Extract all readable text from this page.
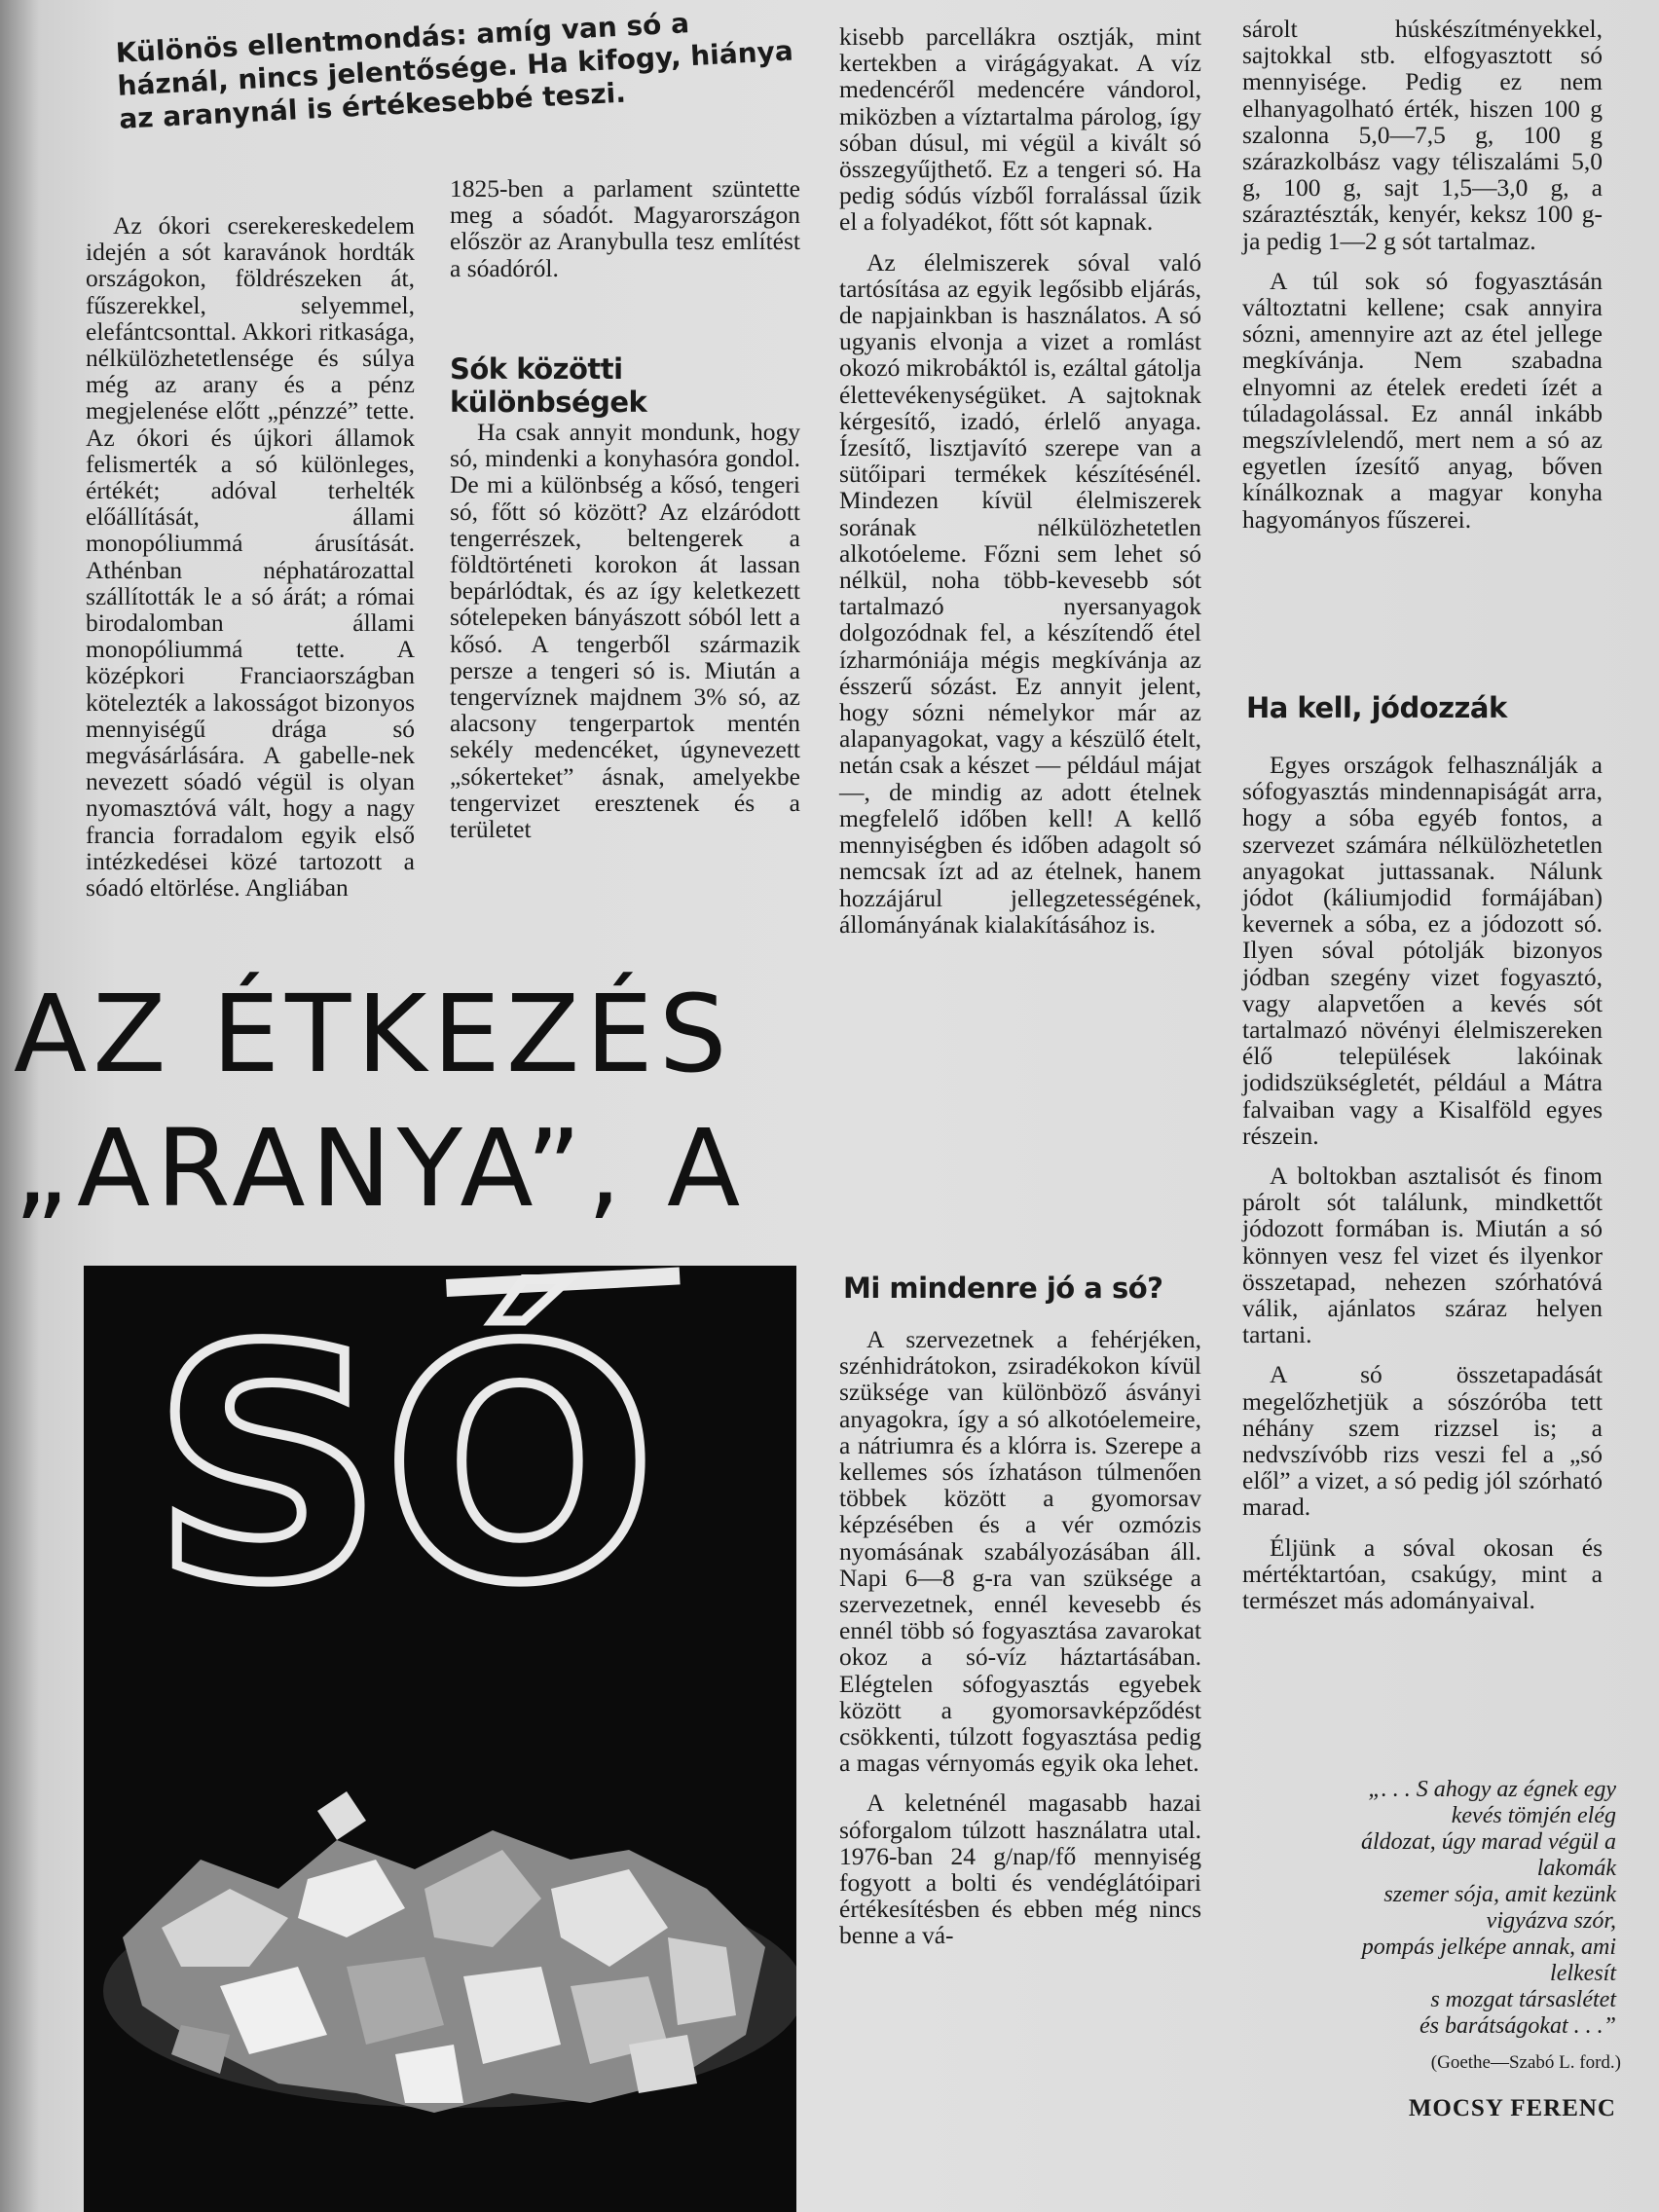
Különös ellentmondás: amíg van só a háznál, nincs jelentősége. Ha kifogy, hiánya az aranynál is értékesebbé teszi.

Az ókori cserekereskedelem idején a sót karavánok hordták országokon, földrészeken át, fűszerekkel, selyemmel, elefántcsonttal. Akkori ritkasága, nélkülözhetetlensége és súlya még az arany és a pénz megjelenése előtt „pénzzé” tette. Az ókori és újkori államok felismerték a só különleges, értékét; adóval terhelték előállítását, állami monopóliummá árusítását. Athénban néphatározattal szállították le a só árát; a római birodalomban állami monopóliummá tette. A középkori Franciaországban kötelezték a lakosságot bizonyos mennyiségű drága só megvásárlására. A gabelle-nek nevezett sóadó végül is olyan nyomasztóvá vált, hogy a nagy francia forradalom egyik első intézkedései közé tartozott a sóadó eltörlése. Angliában

1825-ben a parlament szüntette meg a sóadót. Magyarországon először az Aranybulla tesz említést a sóadóról.

Sók közötti különbségek

Ha csak annyit mondunk, hogy só, mindenki a konyhasóra gondol. De mi a különbség a kősó, tengeri só, főtt só között? Az elzáródott tengerrészek, beltengerek a földtörténeti korokon át lassan bepárlódtak, és az így keletkezett sótelepeken bányászott sóból lett a kősó. A tengerből származik persze a tengeri só is. Miután a tengervíznek majdnem 3% só, az alacsony tengerpartok mentén sekély medencéket, úgynevezett „sókerteket” ásnak, amelyekbe tengervizet eresztenek és a területet

AZ ÉTKEZÉS
„ARANYA”, A
SÓ

kisebb parcellákra osztják, mint kertekben a virágágyakat. A víz medencéről medencére vándorol, miközben a víztartalma párolog, így sóban dúsul, mi végül a kivált só összegyűjthető. Ez a tengeri só. Ha pedig sódús vízből forralással űzik el a folyadékot, főtt sót kapnak.

Az élelmiszerek sóval való tartósítása az egyik legősibb eljárás, de napjainkban is használatos. A só ugyanis elvonja a vizet a romlást okozó mikrobáktól is, ezáltal gátolja élettevékenységüket. A sajtoknak kérgesítő, izadó, érlelő anyaga. Ízesítő, lisztjavító szerepe van a sütőipari termékek készítésénél. Mindezen kívül élelmiszerek sorának nélkülözhetetlen alkotóeleme. Főzni sem lehet só nélkül, noha több-kevesebb sót tartalmazó nyersanyagok dolgozódnak fel, a készítendő étel ízharmóniája mégis megkívánja az ésszerű sózást. Ez annyit jelent, hogy sózni némelykor már az alapanyagokat, vagy a készülő ételt, netán csak a készet — például májat —, de mindig az adott ételnek megfelelő időben kell! A kellő mennyiségben és időben adagolt só nemcsak ízt ad az ételnek, hanem hozzájárul jellegzetességének, állományának kialakításához is.

Mi mindenre jó a só?

A szervezetnek a fehérjéken, szénhidrátokon, zsiradékokon kívül szüksége van különböző ásványi anyagokra, így a só alkotóelemeire, a nátriumra és a klórra is. Szerepe a kellemes sós ízhatáson túlmenően többek között a gyomorsav képzésében és a vér ozmózis nyomásának szabályozásában áll. Napi 6—8 g-ra van szüksége a szervezetnek, ennél kevesebb és ennél több só fogyasztása zavarokat okoz a só-víz háztartásában. Elégtelen sófogyasztás egyebek között a gyomorsavképződést csökkenti, túlzott fogyasztása pedig a magas vérnyomás egyik oka lehet.

A keletnénél magasabb hazai sóforgalom túlzott használatra utal. 1976-ban 24 g/nap/fő mennyiség fogyott a bolti és vendéglátóipari értékesítésben és ebben még nincs benne a vá-

sárolt húskészítményekkel, sajtokkal stb. elfogyasztott só mennyisége. Pedig ez nem elhanyagolható érték, hiszen 100 g szalonna 5,0—7,5 g, 100 g szárazkolbász vagy téliszalámi 5,0 g, 100 g, sajt 1,5—3,0 g, a száraztészták, kenyér, keksz 100 g-ja pedig 1—2 g sót tartalmaz.

A túl sok só fogyasztásán változtatni kellene; csak annyira sózni, amennyire azt az étel jellege megkívánja. Nem szabadna elnyomni az ételek eredeti ízét a túladagolással. Ez annál inkább megszívlelendő, mert nem a só az egyetlen ízesítő anyag, bőven kínálkoznak a magyar konyha hagyományos fűszerei.

Ha kell, jódozzák

Egyes országok felhasználják a sófogyasztás mindennapiságát arra, hogy a sóba egyéb fontos, a szervezet számára nélkülözhetetlen anyagokat juttassanak. Nálunk jódot (káliumjodid formájában) kevernek a sóba, ez a jódozott só. Ilyen sóval pótolják bizonyos jódban szegény vizet fogyasztó, vagy alapvetően a kevés sót tartalmazó növényi élelmiszereken élő települések lakóinak jodidszükségletét, például a Mátra falvaiban vagy a Kisalföld egyes részein.

A boltokban asztalisót és finom párolt sót találunk, mindkettőt jódozott formában is. Miután a só könnyen vesz fel vizet és ilyenkor összetapad, nehezen szórhatóvá válik, ajánlatos száraz helyen tartani.

A só összetapadását megelőzhetjük a sószóróba tett néhány szem rizzsel is; a nedvszívóbb rizs veszi fel a „só elől” a vizet, a só pedig jól szórható marad.

Éljünk a sóval okosan és mértéktartóan, csakúgy, mint a természet más adományaival.

„. . . S ahogy az égnek egy
kevés tömjén elég
áldozat, úgy marad végül a
lakomák
szemer sója, amit kezünk
vigyázva szór,
pompás jelképe annak, ami
lelkesít
s mozgat társaslétet
és barátságokat . . .”
(Goethe—Szabó L. ford.)
MOCSY FERENC
